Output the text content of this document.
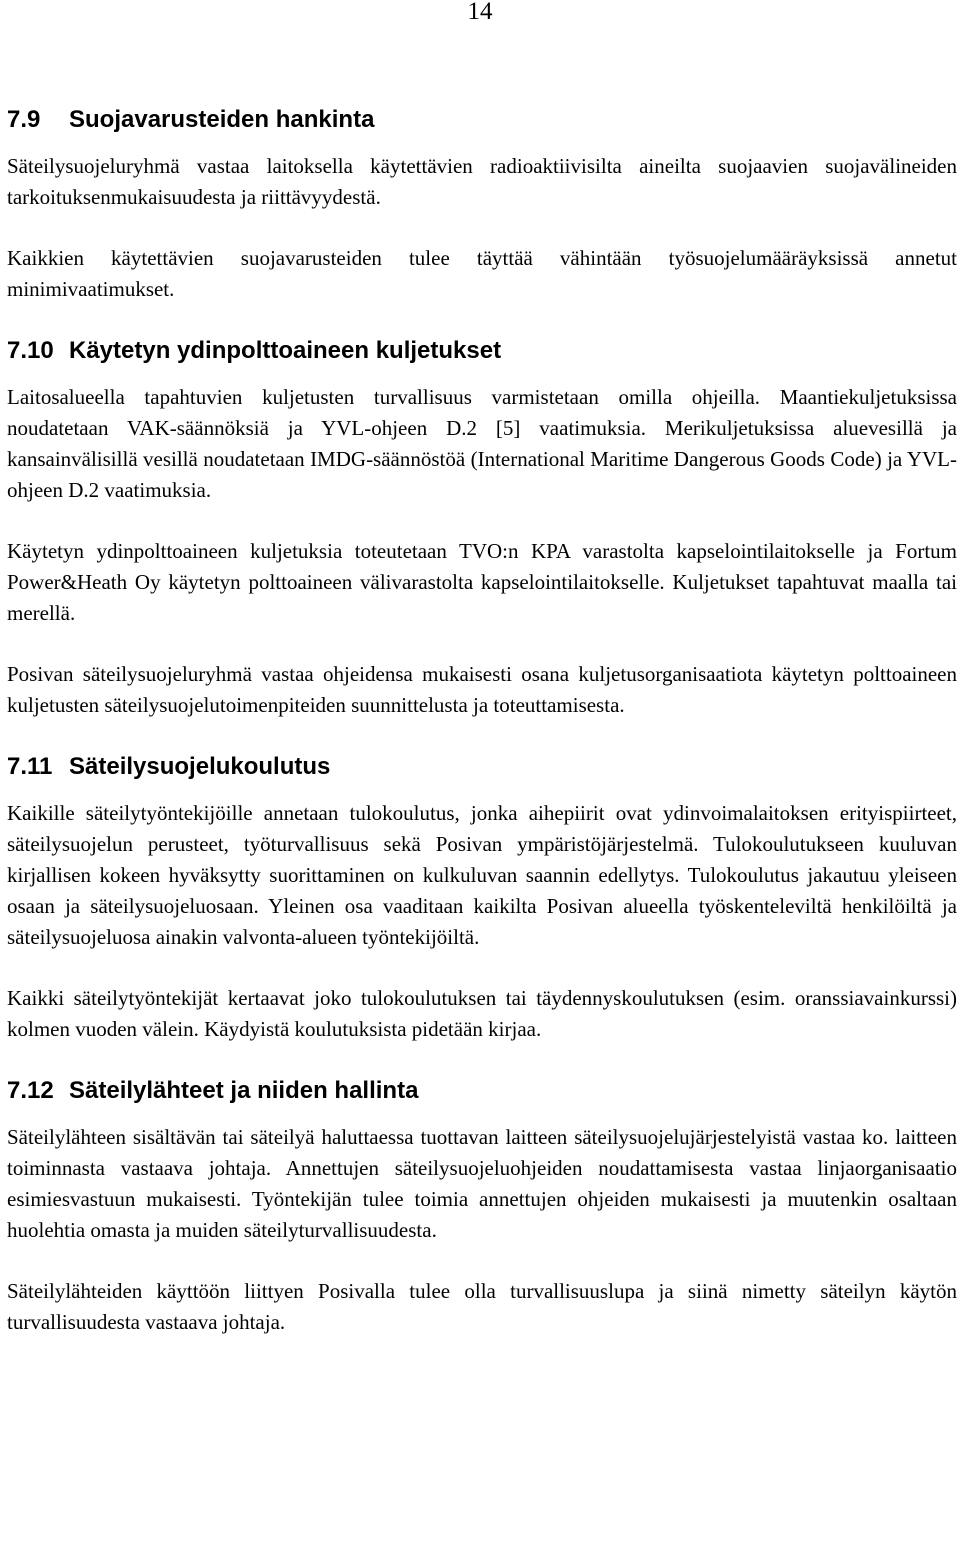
14
7.9 Suojavarusteiden hankinta

Säteilysuojeluryhmä vastaa laitoksella käytettävien radioaktiivisilta aineilta suojaavien suojavälineiden tarkoituksenmukaisuudesta ja riittävyydestä.

Kaikkien käytettävien suojavarusteiden tulee täyttää vähintään työsuojelumääräyksissä annetut minimivaatimukset.

7.10 Käytetyn ydinpolttoaineen kuljetukset

Laitosalueella tapahtuvien kuljetusten turvallisuus varmistetaan omilla ohjeilla. Maantiekuljetuksissa noudatetaan VAK-säännöksiä ja YVL-ohjeen D.2 [5] vaatimuksia. Merikuljetuksissa aluevesillä ja kansainvälisillä vesillä noudatetaan IMDG-säännöstöä (International Maritime Dangerous Goods Code) ja YVL-ohjeen D.2 vaatimuksia.

Käytetyn ydinpolttoaineen kuljetuksia toteutetaan TVO:n KPA varastolta kapselointilaitokselle ja Fortum Power&Heath Oy käytetyn polttoaineen välivarastolta kapselointilaitokselle. Kuljetukset tapahtuvat maalla tai merellä.

Posivan säteilysuojeluryhmä vastaa ohjeidensa mukaisesti osana kuljetusorganisaatiota käytetyn polttoaineen kuljetusten säteilysuojelutoimenpiteiden suunnittelusta ja toteuttamisesta.

7.11 Säteilysuojelukoulutus

Kaikille säteilytyöntekijöille annetaan tulokoulutus, jonka aihepiirit ovat ydinvoimalaitoksen erityispiirteet, säteilysuojelun perusteet, työturvallisuus sekä Posivan ympäristöjärjestelmä. Tulokoulutukseen kuuluvan kirjallisen kokeen hyväksytty suorittaminen on kulkuluvan saannin edellytys. Tulokoulutus jakautuu yleiseen osaan ja säteilysuojeluosaan. Yleinen osa vaaditaan kaikilta Posivan alueella työskenteleviltä henkilöiltä ja säteilysuojeluosa ainakin valvonta-alueen työntekijöiltä.

Kaikki säteilytyöntekijät kertaavat joko tulokoulutuksen tai täydennyskoulutuksen (esim. oranssiavainkurssi) kolmen vuoden välein. Käydyistä koulutuksista pidetään kirjaa.

7.12 Säteilylähteet ja niiden hallinta

Säteilylähteen sisältävän tai säteilyä haluttaessa tuottavan laitteen säteilysuojelujärjestelyistä vastaa ko. laitteen toiminnasta vastaava johtaja. Annettujen säteilysuojeluohjeiden noudattamisesta vastaa linjaorganisaatio esimiesvastuun mukaisesti. Työntekijän tulee toimia annettujen ohjeiden mukaisesti ja muutenkin osaltaan huolehtia omasta ja muiden säteilyturvallisuudesta.

Säteilylähteiden käyttöön liittyen Posivalla tulee olla turvallisuuslupa ja siinä nimetty säteilyn käytön turvallisuudesta vastaava johtaja.
